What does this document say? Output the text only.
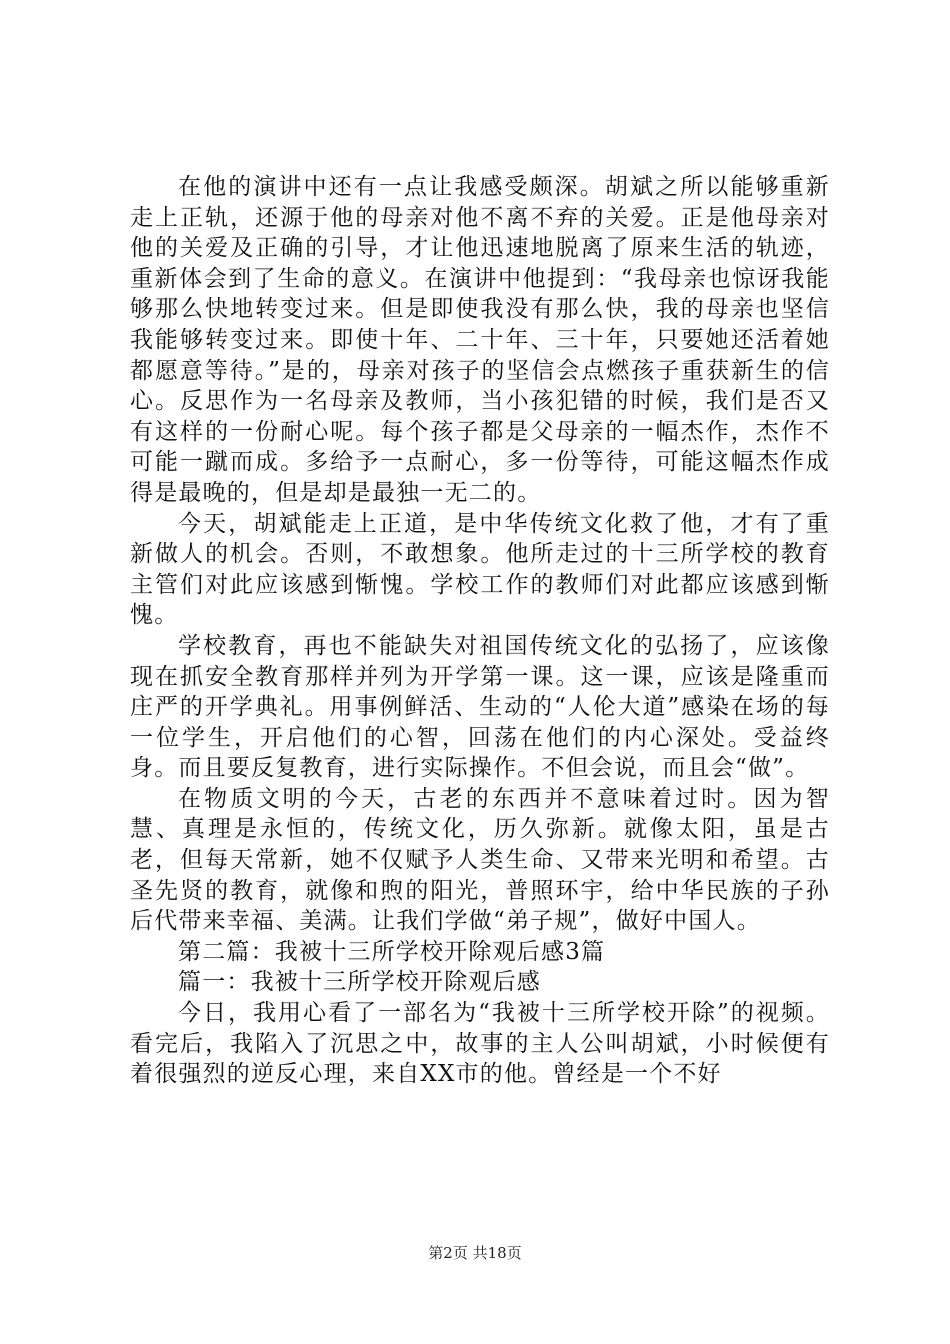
在他的演讲中还有一点让我感受颇深。胡斌之所以能够重新走上正轨，还源于他的母亲对他不离不弃的关爱。正是他母亲对他的关爱及正确的引导，才让他迅速地脱离了原来生活的轨迹，重新体会到了生命的意义。在演讲中他提到：“我母亲也惊讶我能够那么快地转变过来。但是即使我没有那么快，我的母亲也坚信我能够转变过来。即使十年、二十年、三十年，只要她还活着她都愿意等待。”是的，母亲对孩子的坚信会点燃孩子重获新生的信心。反思作为一名母亲及教师，当小孩犯错的时候，我们是否又有这样的一份耐心呢。每个孩子都是父母亲的一幅杰作，杰作不可能一蹴而成。多给予一点耐心，多一份等待，可能这幅杰作成得是最晚的，但是却是最独一无二的。

今天，胡斌能走上正道，是中华传统文化救了他，才有了重新做人的机会。否则，不敢想象。他所走过的十三所学校的教育主管们对此应该感到惭愧。学校工作的教师们对此都应该感到惭愧。

学校教育，再也不能缺失对祖国传统文化的弘扬了，应该像现在抓安全教育那样并列为开学第一课。这一课，应该是隆重而庄严的开学典礼。用事例鲜活、生动的“人伦大道”感染在场的每一位学生，开启他们的心智，回荡在他们的内心深处。受益终身。而且要反复教育，进行实际操作。不但会说，而且会“做”。

在物质文明的今天，古老的东西并不意味着过时。因为智慧、真理是永恒的，传统文化，历久弥新。就像太阳，虽是古老，但每天常新，她不仅赋予人类生命、又带来光明和希望。古圣先贤的教育，就像和煦的阳光，普照环宇，给中华民族的子孙后代带来幸福、美满。让我们学做“弟子规”，做好中国人。

第二篇：我被十三所学校开除观后感3篇

篇一：我被十三所学校开除观后感

今日，我用心看了一部名为“我被十三所学校开除”的视频。看完后，我陷入了沉思之中，故事的主人公叫胡斌，小时候便有着很强烈的逆反心理，来自XX市的他。曾经是一个不好

第2页 共18页
